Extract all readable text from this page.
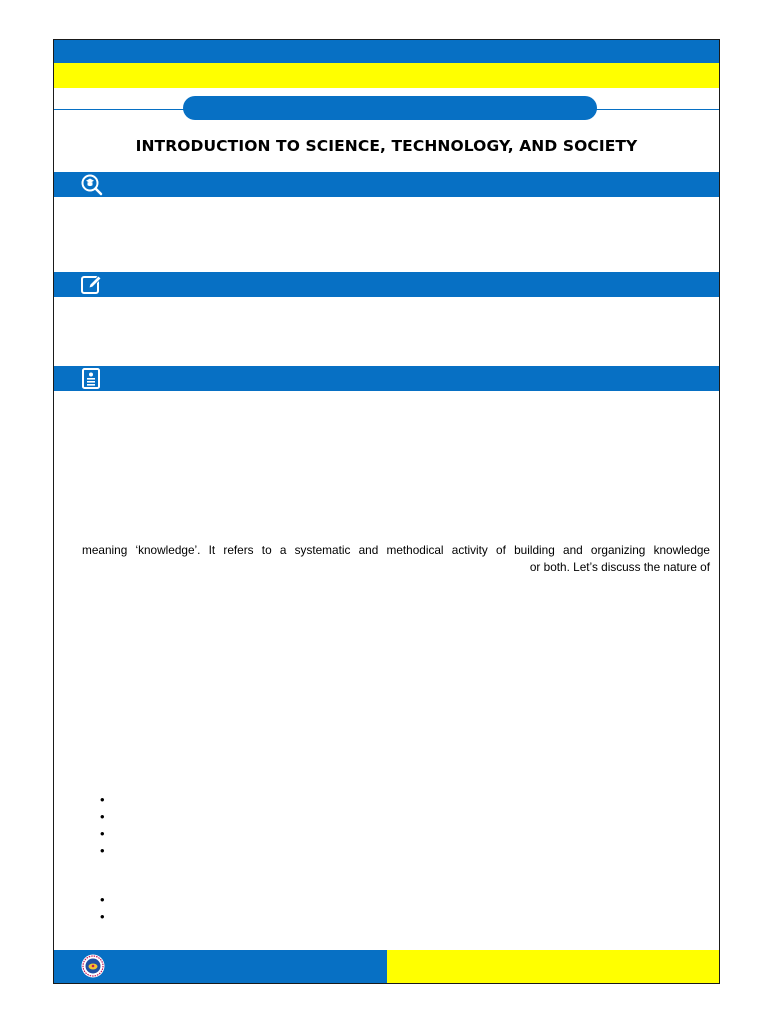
INTRODUCTION TO SCIENCE, TECHNOLOGY, AND SOCIETY
meaning ‘knowledge’. It refers to a systematic and methodical activity of building and organizing knowledge
or both. Let’s discuss the nature of
•
•
•
•
•
•
